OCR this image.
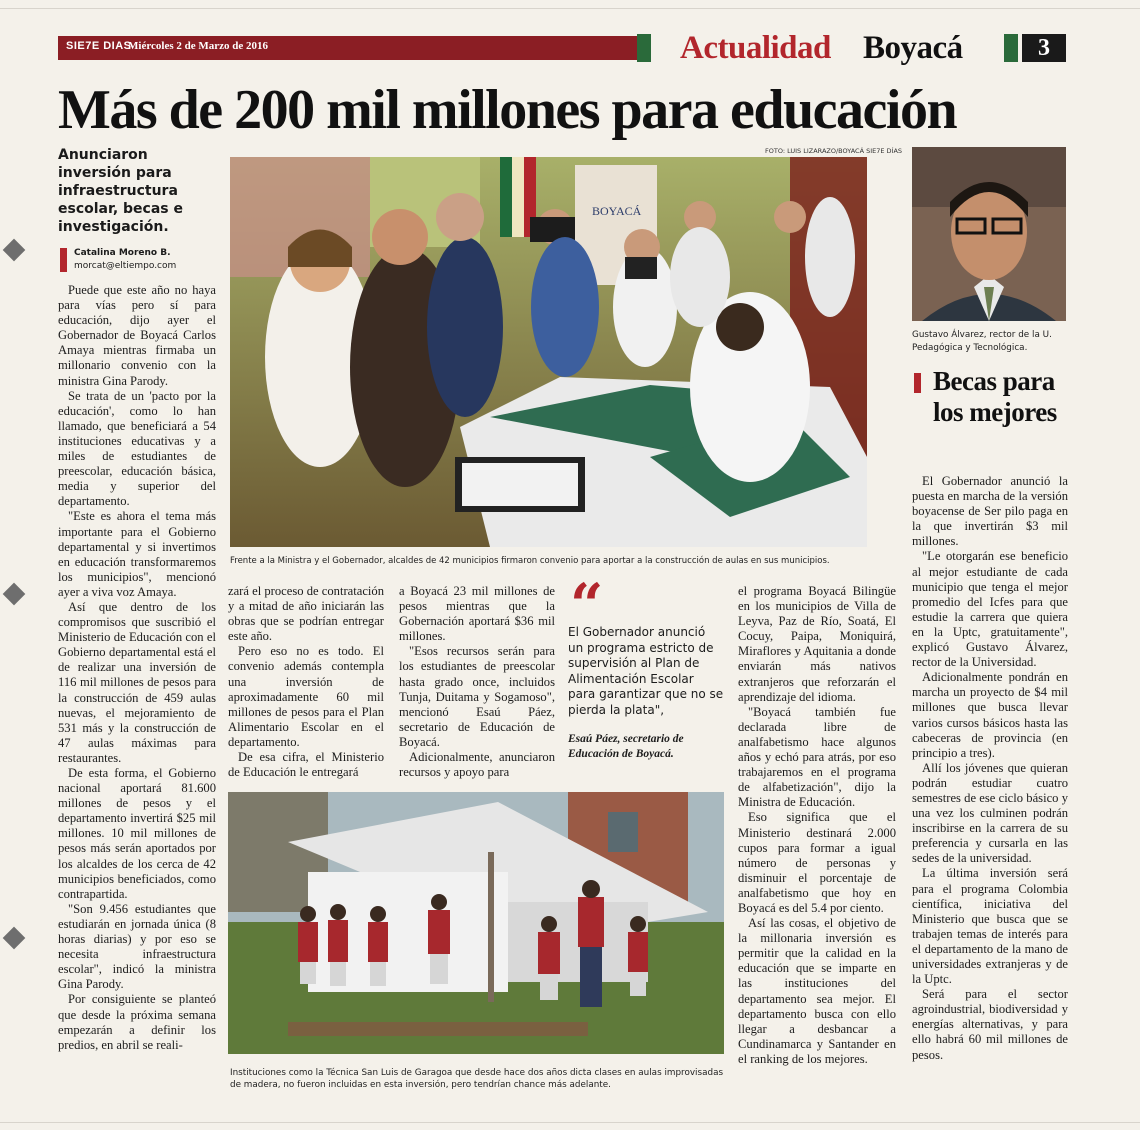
SIE7E DIAS
Miércoles 2 de Marzo de 2016	Actualidad Boyacá	3
Más de 200 mil millones para educación
Anunciaron inversión para infraestructura escolar, becas e investigación.
Catalina Moreno B.
morcat@eltiempo.com

Puede que este año no haya para vías pero sí para educación, dijo ayer el Gobernador de Boyacá Carlos Amaya mientras firmaba un millonario convenio con la ministra Gina Parody.

Se trata de un 'pacto por la educación', como lo han llamado, que beneficiará a 54 instituciones educativas y a miles de estudiantes de preescolar, educación básica, media y superior del departamento.

"Este es ahora el tema más importante para el Gobierno departamental y si invertimos en educación transformaremos los municipios", mencionó ayer a viva voz Amaya.

Así que dentro de los compromisos que suscribió el Ministerio de Educación con el Gobierno departamental está el de realizar una inversión de 116 mil millones de pesos para la construcción de 459 aulas nuevas, el mejoramiento de 531 más y la construcción de 47 aulas máximas para restaurantes.

De esta forma, el Gobierno nacional aportará 81.600 millones de pesos y el departamento invertirá $25 mil millones. 10 mil millones de pesos más serán aportados por los alcaldes de los cerca de 42 municipios beneficiados, como contrapartida.

"Son 9.456 estudiantes que estudiarán en jornada única (8 horas diarias) y por eso se necesita infraestructura escolar", indicó la ministra Gina Parody.

Por consiguiente se planteó que desde la próxima semana empezarán a definir los predios, en abril se reali-

FOTO: LUIS LIZARAZO/BOYACÁ SIE7E DÍAS
BOYACÁ
Frente a la Ministra y el Gobernador, alcaldes de 42 municipios firmaron convenio para aportar a la construcción de aulas en sus municipios.

zará el proceso de contratación y a mitad de año iniciarán las obras que se podrían entregar este año.

Pero eso no es todo. El convenio además contempla una inversión de aproximadamente 60 mil millones de pesos para el Plan Alimentario Escolar en el departamento.

De esa cifra, el Ministerio de Educación le entregará

a Boyacá 23 mil millones de pesos mientras que la Gobernación aportará $36 mil millones.

"Esos recursos serán para los estudiantes de preescolar hasta grado once, incluidos Tunja, Duitama y Sogamoso", mencionó Esaú Páez, secretario de Educación de Boyacá.

Adicionalmente, anunciaron recursos y apoyo para

“
El Gobernador anunció un programa estricto de supervisión al Plan de Alimentación Escolar para garantizar que no se pierda la plata",
Esaú Páez, secretario de Educación de Boyacá.

el programa Boyacá Bilingüe en los municipios de Villa de Leyva, Paz de Río, Soatá, El Cocuy, Paipa, Moniquirá, Miraflores y Aquitania a donde enviarán más nativos extranjeros que reforzarán el aprendizaje del idioma.

"Boyacá también fue declarada libre de analfabetismo hace algunos años y echó para atrás, por eso trabajaremos en el programa de alfabetización", dijo la Ministra de Educación.

Eso significa que el Ministerio destinará 2.000 cupos para formar a igual número de personas y disminuir el porcentaje de analfabetismo que hoy en Boyacá es del 5.4 por ciento.

Así las cosas, el objetivo de la millonaria inversión es permitir que la calidad en la educación que se imparte en las instituciones del departamento sea mejor. El departamento busca con ello llegar a desbancar a Cundinamarca y Santander en el ranking de los mejores.

Instituciones como la Técnica San Luis de Garagoa que desde hace dos años dicta clases en aulas improvisadas de madera, no fueron incluidas en esta inversión, pero tendrían chance más adelante.
Gustavo Álvarez, rector de la U. Pedagógica y Tecnológica.
Becas para los mejores

El Gobernador anunció la puesta en marcha de la versión boyacense de Ser pilo paga en la que invertirán $3 mil millones.

"Le otorgarán ese beneficio al mejor estudiante de cada municipio que tenga el mejor promedio del Icfes para que estudie la carrera que quiera en la Uptc, gratuitamente", explicó Gustavo Álvarez, rector de la Universidad.

Adicionalmente pondrán en marcha un proyecto de $4 mil millones que busca llevar varios cursos básicos hasta las cabeceras de provincia (en principio a tres).

Allí los jóvenes que quieran podrán estudiar cuatro semestres de ese ciclo básico y una vez los culminen podrán inscribirse en la carrera de su preferencia y cursarla en las sedes de la universidad.

La última inversión será para el programa Colombia científica, iniciativa del Ministerio que busca que se trabajen temas de interés para el departamento de la mano de universidades extranjeras y de la Uptc.

Será para el sector agroindustrial, biodiversidad y energías alternativas, y para ello habrá 60 mil millones de pesos.
